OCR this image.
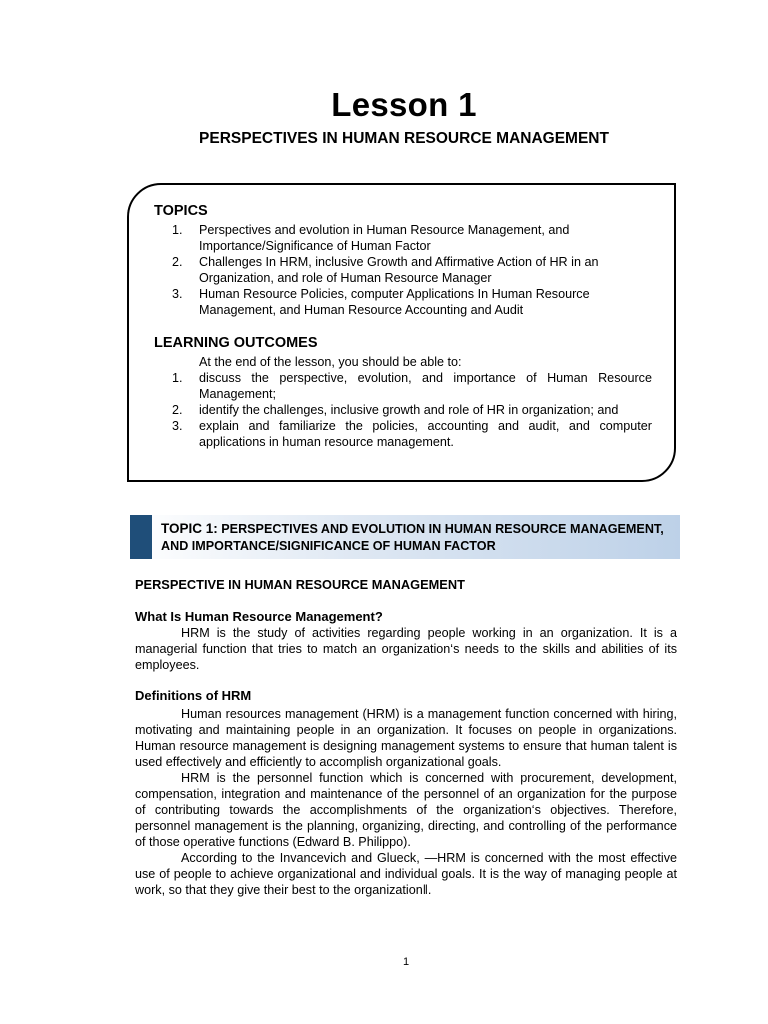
Lesson 1
PERSPECTIVES IN HUMAN RESOURCE MANAGEMENT
TOPICS
1.	Perspectives and evolution in Human Resource Management, and Importance/Significance of Human Factor
2.	Challenges In HRM, inclusive Growth and Affirmative Action of HR in an Organization, and role of Human Resource Manager
3.	Human Resource Policies, computer Applications In Human Resource Management, and Human Resource Accounting and Audit
LEARNING OUTCOMES
At the end of the lesson, you should be able to:
1.	discuss the perspective, evolution, and importance of Human Resource Management;
2.	identify the challenges, inclusive growth and role of HR in organization; and
3.	explain and familiarize the policies, accounting and audit, and computer applications in human resource management.
TOPIC 1: PERSPECTIVES AND EVOLUTION IN HUMAN RESOURCE MANAGEMENT, AND IMPORTANCE/SIGNIFICANCE OF HUMAN FACTOR
PERSPECTIVE IN HUMAN RESOURCE MANAGEMENT
What Is Human Resource Management?

HRM is the study of activities regarding people working in an organization. It is a managerial function that tries to match an organization‘s needs to the skills and abilities of its employees.

Definitions of HRM

Human resources management (HRM) is a management function concerned with hiring, motivating and maintaining people in an organization. It focuses on people in organizations. Human resource management is designing management systems to ensure that human talent is used effectively and efficiently to accomplish organizational goals.

HRM is the personnel function which is concerned with procurement, development, compensation, integration and maintenance of the personnel of an organization for the purpose of contributing towards the accomplishments of the organization‘s objectives. Therefore, personnel management is the planning, organizing, directing, and controlling of the performance of those operative functions (Edward B. Philippo).

According to the Invancevich and Glueck, ―HRM is concerned with the most effective use of people to achieve organizational and individual goals. It is the way of managing people at work, so that they give their best to the organization‖.

1
